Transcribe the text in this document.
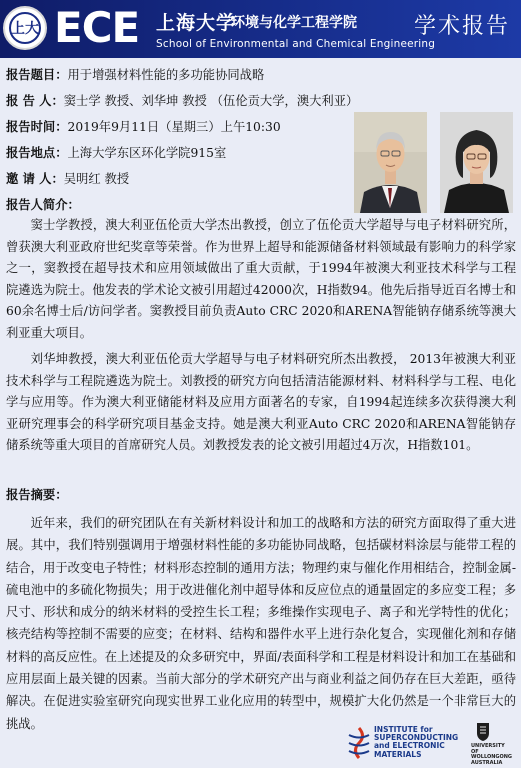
上大 ECE 上海大学
环境与化学工程学院
School of Environmental and Chemical Engineering
学术报告
报告题目：用于增强材料性能的多功能协同战略
报 告 人：窦士学 教授、刘华坤 教授 （伍伦贡大学，澳大利亚）
报告时间：2019年9月11日（星期三）上午10:30
报告地点：上海大学东区环化学院915室
邀 请 人：吴明红 教授
报告人简介：

窦士学教授，澳大利亚伍伦贡大学杰出教授，创立了伍伦贡大学超导与电子材料研究所，曾获澳大利亚政府世纪奖章等荣誉。作为世界上超导和能源储备材料领域最有影响力的科学家之一，窦教授在超导技术和应用领域做出了重大贡献，于1994年被澳大利亚技术科学与工程院遴选为院士。他发表的学术论文被引用超过42000次，H指数94。他先后指导近百名博士和60余名博士后/访问学者。窦教授目前负责Auto CRC 2020和ARENA智能钠存储系统等澳大利亚重大项目。

刘华坤教授，澳大利亚伍伦贡大学超导与电子材料研究所杰出教授， 2013年被澳大利亚技术科学与工程院遴选为院士。刘教授的研究方向包括清洁能源材料、材料科学与工程、电化学与应用等。作为澳大利亚储能材料及应用方面著名的专家，自1994起连续多次获得澳大利亚研究理事会的科学研究项目基金支持。她是澳大利亚Auto CRC 2020和ARENA智能钠存储系统等重大项目的首席研究人员。刘教授发表的论文被引用超过4万次，H指数101。

报告摘要：

近年来，我们的研究团队在有关新材料设计和加工的战略和方法的研究方面取得了重大进展。其中，我们特别强调用于增强材料性能的多功能协同战略，包括碳材料涂层与能带工程的结合，用于改变电子特性；材料形态控制的通用方法；物理约束与催化作用相结合，控制金属-硫电池中的多硫化物损失；用于改进催化剂中超导体和反应位点的通量固定的多应变工程；多尺寸、形状和成分的纳米材料的受控生长工程；多维操作实现电子、离子和光学特性的优化；核壳结构等控制不需要的应变；在材料、结构和器件水平上进行杂化复合，实现催化剂和存储材料的高反应性。在上述提及的众多研究中，界面/表面科学和工程是材料设计和加工在基础和应用层面上最关键的因素。当前大部分的学术研究产出与商业利益之间仍存在巨大差距，亟待解决。在促进实验室研究向现实世界工业化应用的转型中，规模扩大化仍然是一个非常巨大的挑战。	INSTITUTE for
SUPERCONDUCTING
and ELECTRONIC
MATERIALS
UNIVERSITY
OF WOLLONGONG
AUSTRALIA
